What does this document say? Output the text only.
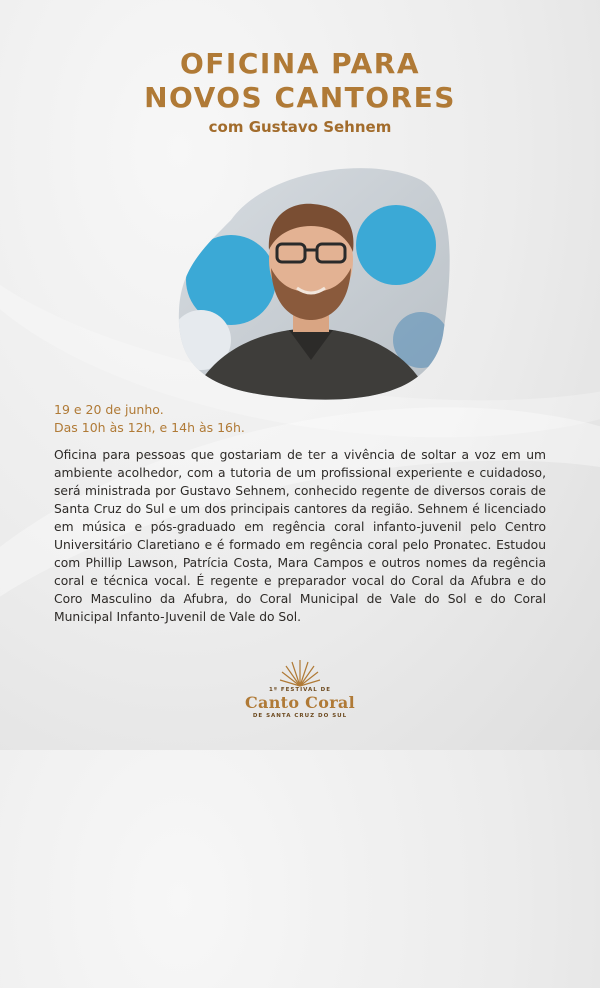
OFICINA PARA
NOVOS CANTORES
com Gustavo Sehnem
19 e 20 de junho.
Das 10h às 12h, e 14h às 16h.
Oficina para pessoas que gostariam de ter a vivência de soltar a voz em um ambiente acolhedor, com a tutoria de um profissional experiente e cuidadoso, será ministrada por Gustavo Sehnem, conhecido regente de diversos corais de Santa Cruz do Sul e um dos principais cantores da região. Sehnem é licenciado em música e pós-graduado em regência coral infanto-juvenil pelo Centro Universitário Claretiano e é formado em regência coral pelo Pronatec. Estudou com Phillip Lawson, Patrícia Costa, Mara Campos e outros nomes da regência coral e técnica vocal. É regente e preparador vocal do Coral da Afubra e do Coro Masculino da Afubra, do Coral Municipal de Vale do Sol e do Coral Municipal Infanto-Juvenil de Vale do Sol.
1º FESTIVAL DE
Canto Coral
DE SANTA CRUZ DO SUL
